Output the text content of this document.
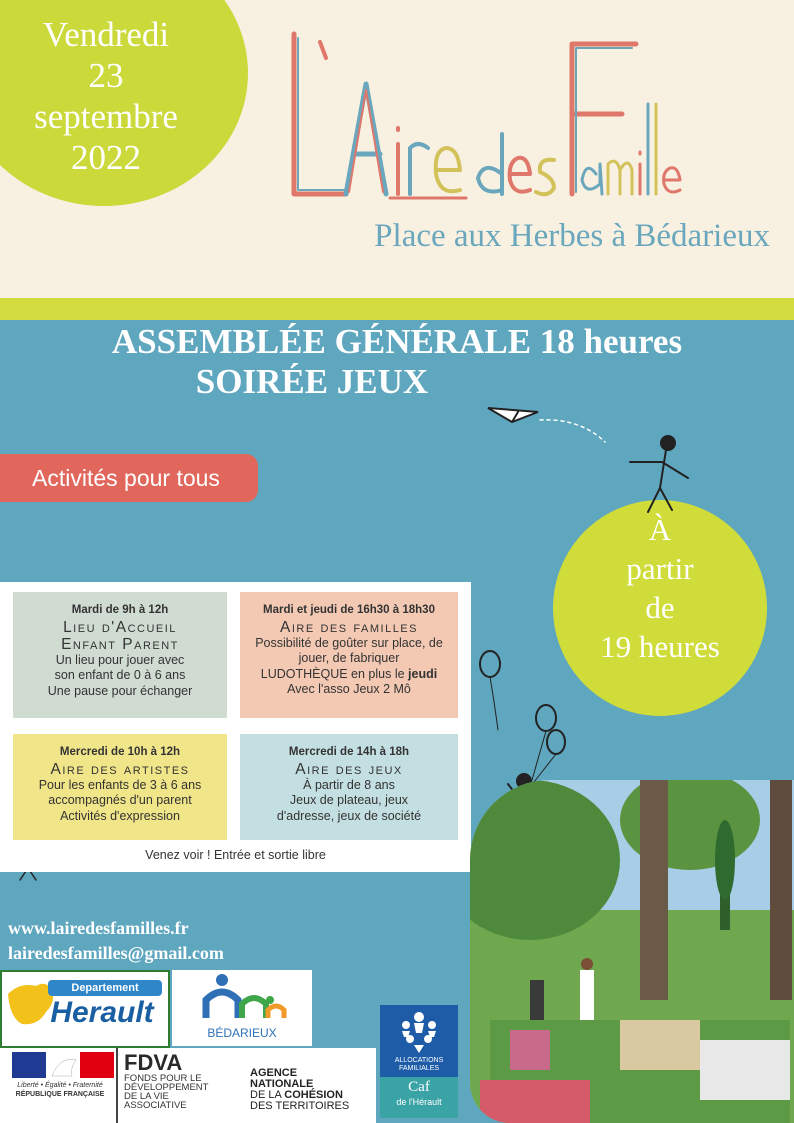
Vendredi
23
septembre
2022
Place aux Herbes à Bédarieux
ASSEMBLÉE GÉNÉRALE 18 heures

SOIRÉE JEUX
Activités pour tous
À
partir
de
19 heures
Mardi de 9h à 12h
Lieu d'Accueil
Enfant Parent
Un lieu pour jouer avec
son enfant de 0 à 6 ans
Une pause pour échanger
Mardi et jeudi de 16h30 à 18h30
Aire des familles
Possibilité de goûter sur place, de
jouer, de fabriquer
LUDOTHÈQUE en plus le jeudi
Avec l'asso Jeux 2 Mô
Mercredi de 10h à 12h
Aire des artistes
Pour les enfants de 3 à 6 ans
accompagnés d'un parent
Activités d'expression
Mercredi de 14h à 18h
Aire des jeux
À partir de 8 ans
Jeux de plateau, jeux
d'adresse, jeux de société
Venez voir ! Entrée et sortie libre
www.lairedesfamilles.fr
lairedesfamilles@gmail.com
Departement
Herault
BÉDARIEUX
Liberté • Égalité • Fraternité
RÉPUBLIQUE FRANÇAISE
FDVA
FONDS POUR LE
DÉVELOPPEMENT
DE LA VIE
ASSOCIATIVE
AGENCE
NATIONALE
DE LA COHÉSION
DES TERRITOIRES
ALLOCATIONS
FAMILIALES
Caf
de l'Hérault
